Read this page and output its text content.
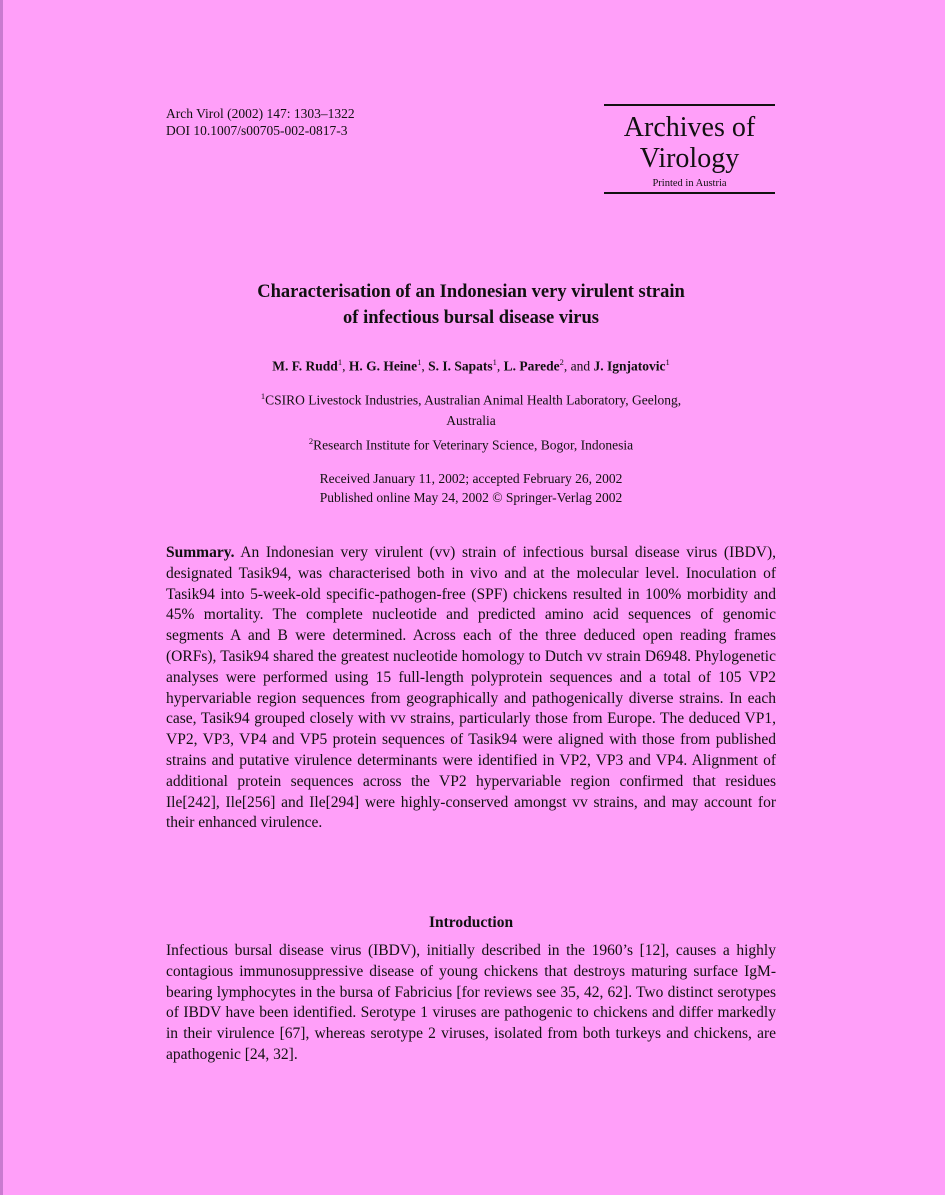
Arch Virol (2002) 147: 1303–1322
DOI 10.1007/s00705-002-0817-3	Archives of
Virology
Printed in Austria
Characterisation of an Indonesian very virulent strain
of infectious bursal disease virus
M. F. Rudd$^1$, H. G. Heine$^1$, S. I. Sapats$^1$, L. Parede$^2$, and J. Ignjatovic$^1$
$^1$CSIRO Livestock Industries, Australian Animal Health Laboratory, Geelong,
Australia
$^2$Research Institute for Veterinary Science, Bogor, Indonesia
Received January 11, 2002; accepted February 26, 2002
Published online May 24, 2002 © Springer-Verlag 2002
Summary. An Indonesian very virulent (vv) strain of infectious bursal disease virus (IBDV), designated Tasik94, was characterised both in vivo and at the molecular level. Inoculation of Tasik94 into 5-week-old specific-pathogen-free (SPF) chickens resulted in 100% morbidity and 45% mortality. The complete nucleotide and predicted amino acid sequences of genomic segments A and B were determined. Across each of the three deduced open reading frames (ORFs), Tasik94 shared the greatest nucleotide homology to Dutch vv strain D6948. Phylogenetic analyses were performed using 15 full-length polyprotein sequences and a total of 105 VP2 hypervariable region sequences from geographically and pathogenically diverse strains. In each case, Tasik94 grouped closely with vv strains, particularly those from Europe. The deduced VP1, VP2, VP3, VP4 and VP5 protein sequences of Tasik94 were aligned with those from published strains and putative virulence determinants were identified in VP2, VP3 and VP4. Alignment of additional protein sequences across the VP2 hypervariable region confirmed that residues Ile[242], Ile[256] and Ile[294] were highly-conserved amongst vv strains, and may account for their enhanced virulence.
Introduction
Infectious bursal disease virus (IBDV), initially described in the 1960’s [12], causes a highly contagious immunosuppressive disease of young chickens that destroys maturing surface IgM-bearing lymphocytes in the bursa of Fabricius [for reviews see 35, 42, 62]. Two distinct serotypes of IBDV have been identified. Serotype 1 viruses are pathogenic to chickens and differ markedly in their virulence [67], whereas serotype 2 viruses, isolated from both turkeys and chickens, are apathogenic [24, 32].
